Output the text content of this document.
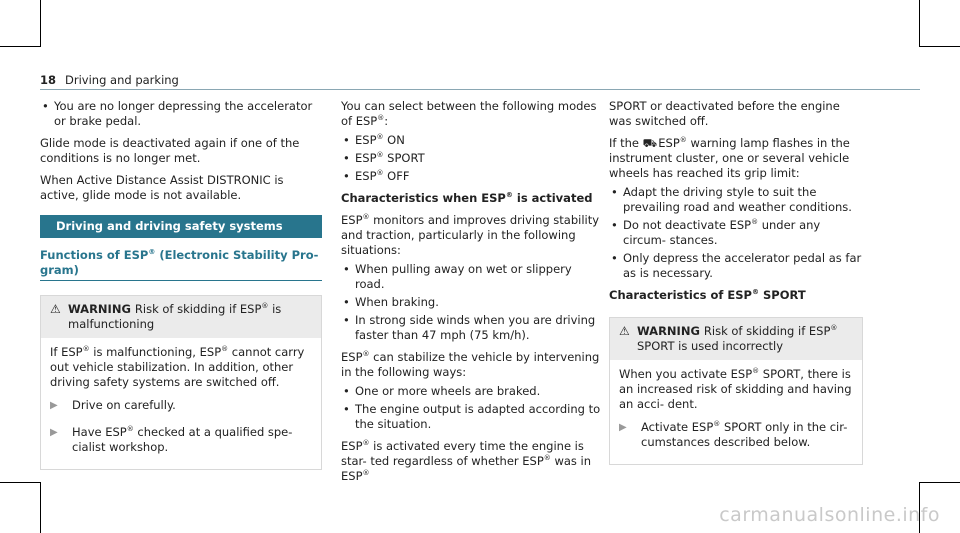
18 Driving and parking
• You are no longer depressing the accelerator or brake pedal.

Glide mode is deactivated again if one of the conditions is no longer met.

When Active Distance Assist DISTRONIC is active, glide mode is not available.

Driving and driving safety systems
Functions of ESP® (Electronic Stability Pro-
gram)
⚠ WARNING Risk of skidding if ESP® is malfunctioning

If ESP® is malfunctioning, ESP® cannot carry out vehicle stabilization. In addition, other driving safety systems are switched off.

▶	Drive on carefully.
▶	Have ESP® checked at a qualified spe- cialist workshop.

You can select between the following modes of ESP®:

• ESP® ON
• ESP® SPORT
• ESP® OFF
Characteristics when ESP® is activated

ESP® monitors and improves driving stability and traction, particularly in the following situations:

• When pulling away on wet or slippery road.
• When braking.
• In strong side winds when you are driving faster than 47 mph (75 km/h).

ESP® can stabilize the vehicle by intervening in the following ways:

• One or more wheels are braked.
• The engine output is adapted according to the situation.

ESP® is activated every time the engine is star- ted regardless of whether ESP® was in ESP®

SPORT or deactivated before the engine was switched off.

If the ⛟ ESP® warning lamp flashes in the instrument cluster, one or several vehicle wheels has reached its grip limit:

• Adapt the driving style to suit the prevailing road and weather conditions.
• Do not deactivate ESP® under any circum- stances.
• Only depress the accelerator pedal as far as is necessary.
Characteristics of ESP® SPORT
⚠ WARNING Risk of skidding if ESP® SPORT is used incorrectly

When you activate ESP® SPORT, there is an increased risk of skidding and having an acci- dent.

▶	Activate ESP® SPORT only in the cir- cumstances described below.
carmanualsonline.info
